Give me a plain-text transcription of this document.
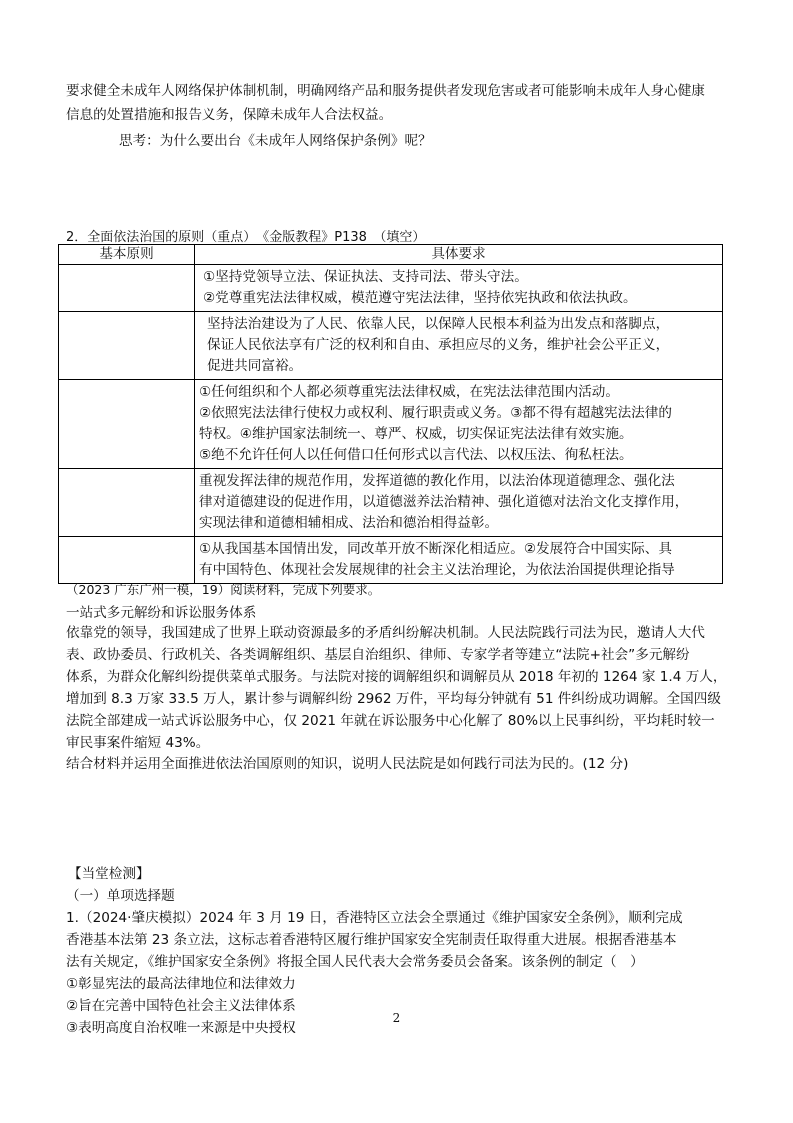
要求健全未成年人网络保护体制机制，明确网络产品和服务提供者发现危害或者可能影响未成年人身心健康
信息的处置措施和报告义务，保障未成年人合法权益。
思考：为什么要出台《未成年人网络保护条例》呢？
2．全面依法治国的原则（重点）　《金版教程》P138　（填空）
基本原则	具体要求

	①坚持党领导立法、保证执法、支持司法、带头守法。
②党尊重宪法法律权威，模范遵守宪法法律，坚持依宪执政和依法执政。

	坚持法治建设为了人民、依靠人民，以保障人民根本利益为出发点和落脚点，
保证人民依法享有广泛的权利和自由、承担应尽的义务，维护社会公平正义，
促进共同富裕。

	①任何组织和个人都必须尊重宪法法律权威，在宪法法律范围内活动。
②依照宪法法律行使权力或权利、履行职责或义务。③都不得有超越宪法法律的
特权。④维护国家法制统一、尊严、权威，切实保证宪法法律有效实施。
⑤绝不允许任何人以任何借口任何形式以言代法、以权压法、徇私枉法。

	重视发挥法律的规范作用，发挥道德的教化作用，以法治体现道德理念、强化法
律对道德建设的促进作用，以道德滋养法治精神、强化道德对法治文化支撑作用，
实现法律和道德相辅相成、法治和德治相得益彰。

	①从我国基本国情出发，同改革开放不断深化相适应。②发展符合中国实际、具
有中国特色、体现社会发展规律的社会主义法治理论，为依法治国提供理论指导
（2023 广东广州一模，19）阅读材料，完成下列要求。
一站式多元解纷和诉讼服务体系
依靠党的领导，我国建成了世界上联动资源最多的矛盾纠纷解决机制。人民法院践行司法为民，邀请人大代
表、政协委员、行政机关、各类调解组织、基层自治组织、律师、专家学者等建立“法院+社会”多元解纷
体系，为群众化解纠纷提供菜单式服务。与法院对接的调解组织和调解员从 2018 年初的 1264 家 1.4 万人，
增加到 8.3 万家 33.5 万人，累计参与调解纠纷 2962 万件，平均每分钟就有 51 件纠纷成功调解。全国四级
法院全部建成一站式诉讼服务中心，仅 2021 年就在诉讼服务中心化解了 80%以上民事纠纷，平均耗时较一
审民事案件缩短 43%。
结合材料并运用全面推进依法治国原则的知识，说明人民法院是如何践行司法为民的。(12 分)
【当堂检测】
（一）单项选择题
1.（2024·肇庆模拟）2024 年 3 月 19 日，香港特区立法会全票通过《维护国家安全条例》，顺利完成
香港基本法第 23 条立法，这标志着香港特区履行维护国家安全宪制责任取得重大进展。根据香港基本
法有关规定，《维护国家安全条例》将报全国人民代表大会常务委员会备案。该条例的制定（　）
①彰显宪法的最高法律地位和法律效力
②旨在完善中国特色社会主义法律体系
③表明高度自治权唯一来源是中央授权
2
